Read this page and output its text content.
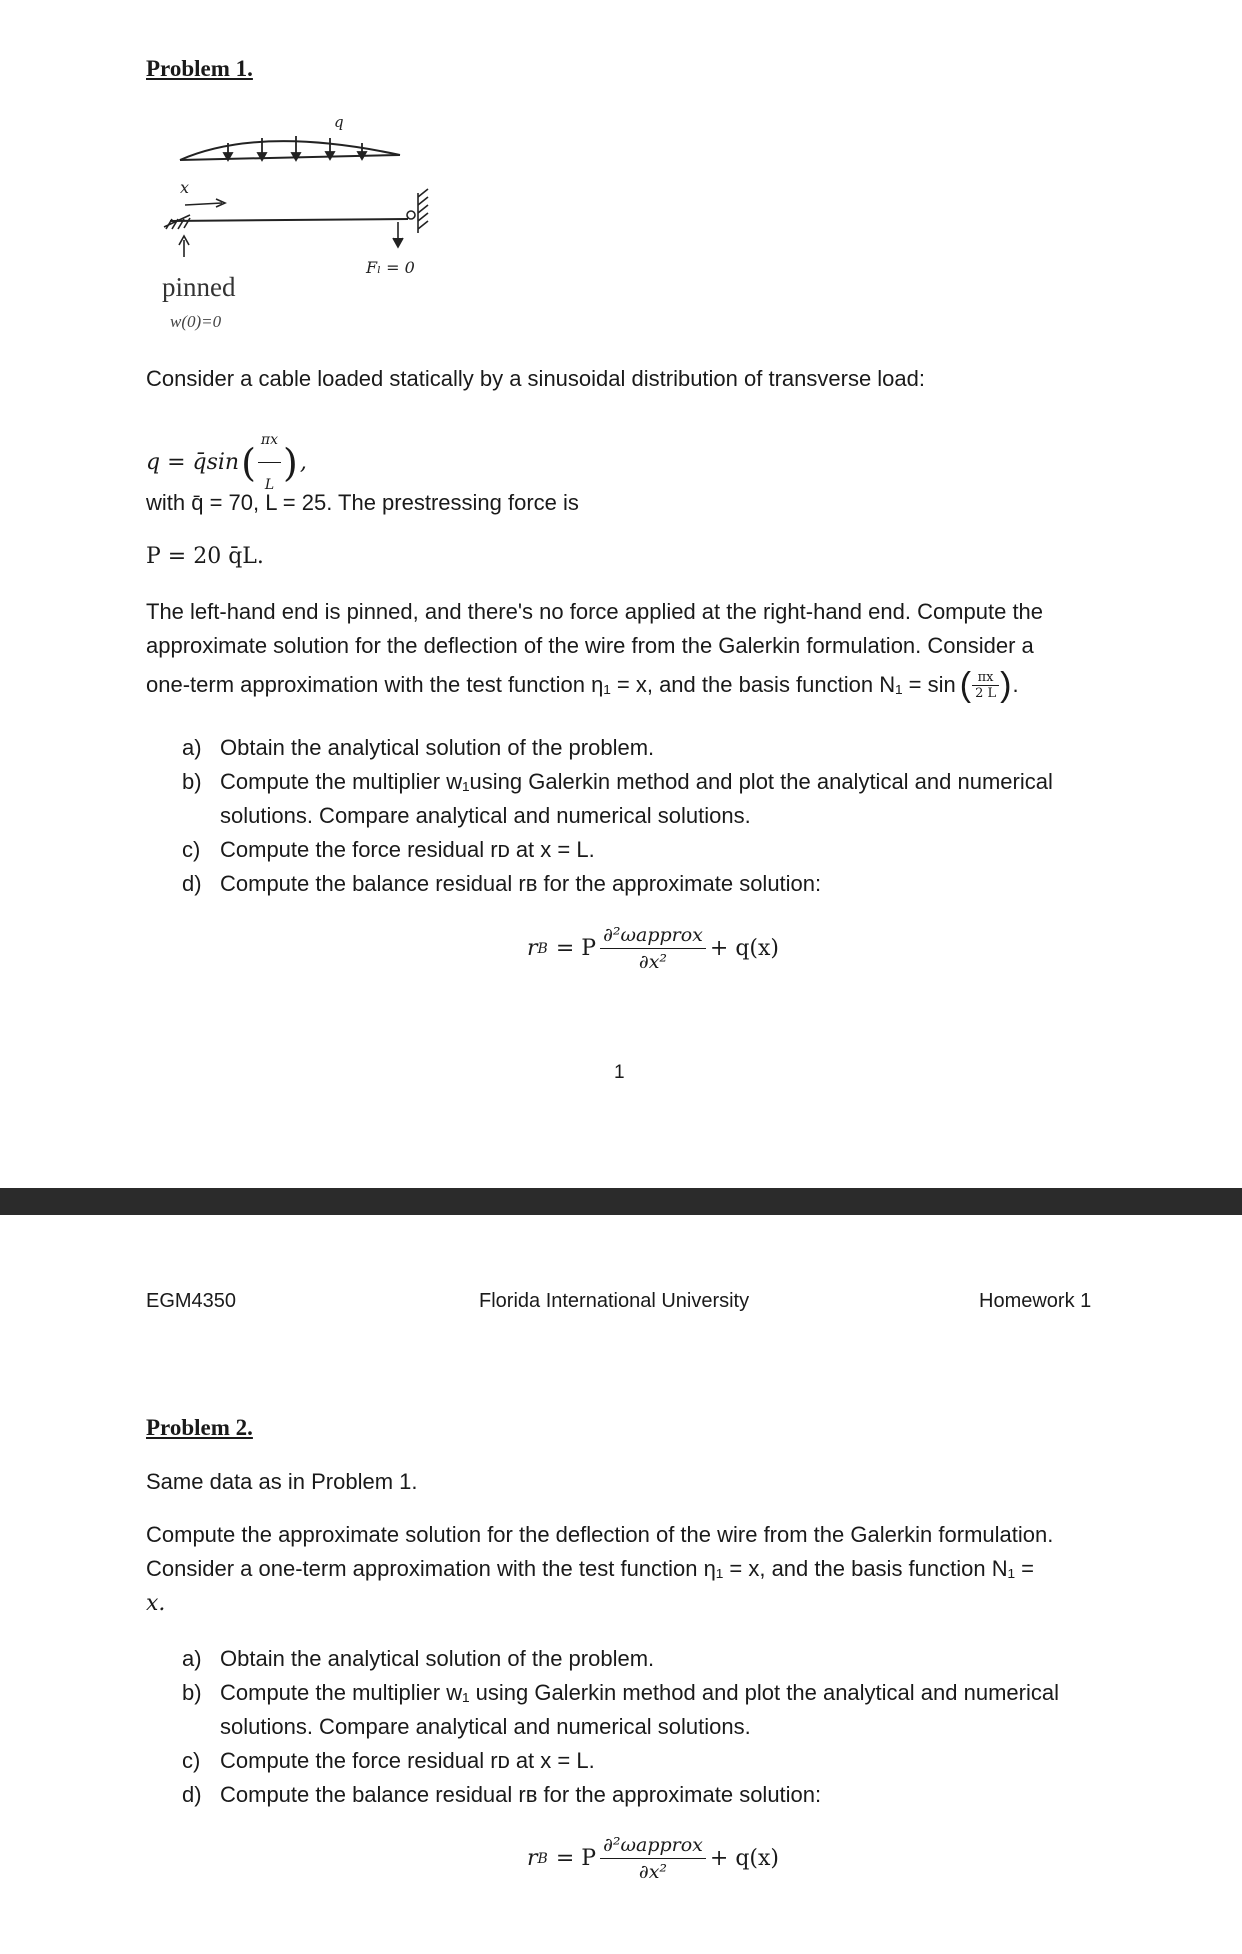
Problem 1.
q
x
Fₗ = 0
pinned
w(0)=0
Consider a cable loaded statically by a sinusoidal distribution of transverse load:
q = q̄sin ( $\frac{\pi x}{L}$ ) ,
with q̄ = 70, L = 25. The prestressing force is
P = 20 q̄L.
The left-hand end is pinned, and there's no force applied at the right-hand end. Compute the
approximate solution for the deflection of the wire from the Galerkin formulation. Consider a
one-term approximation with the test function η₁ = x, and the basis function N₁ = sin ( $\frac{\pi x}{2 L}$ ) .
a) Obtain the analytical solution of the problem.
b) Compute the multiplier w₁using Galerkin method and plot the analytical and numerical solutions. Compare analytical and numerical solutions.
c) Compute the force residual rᴅ at x = L.
d) Compute the balance residual rʙ for the approximate solution:
r B = P $\frac{\text{∂²ωapprox}}{\text{∂x²}} + q(x)$
1
EGM4350	Florida International University	Homework 1
Problem 2.
Same data as in Problem 1.
Compute the approximate solution for the deflection of the wire from the Galerkin formulation.
Consider a one-term approximation with the test function η₁ = x, and the basis function N₁ =
x.
a) Obtain the analytical solution of the problem.
b) Compute the multiplier w₁ using Galerkin method and plot the analytical and numerical solutions. Compare analytical and numerical solutions.
c) Compute the force residual rᴅ at x = L.
d) Compute the balance residual rʙ for the approximate solution:
r B = P $\frac{\text{∂²ωapprox}}{\text{∂x²}} + q(x)$
